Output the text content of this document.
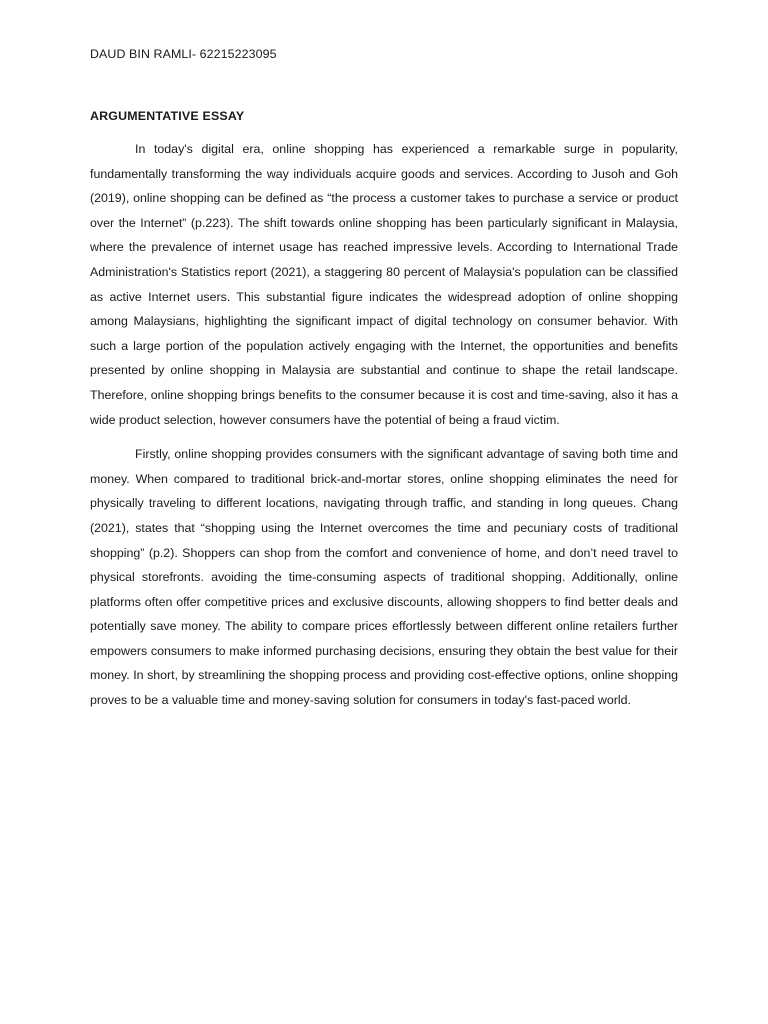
DAUD BIN RAMLI- 62215223095
ARGUMENTATIVE ESSAY

In today's digital era, online shopping has experienced a remarkable surge in popularity, fundamentally transforming the way individuals acquire goods and services. According to Jusoh and Goh (2019), online shopping can be defined as “the process a customer takes to purchase a service or product over the Internet” (p.223). The shift towards online shopping has been particularly significant in Malaysia, where the prevalence of internet usage has reached impressive levels. According to International Trade Administration's Statistics report (2021), a staggering 80 percent of Malaysia's population can be classified as active Internet users. This substantial figure indicates the widespread adoption of online shopping among Malaysians, highlighting the significant impact of digital technology on consumer behavior. With such a large portion of the population actively engaging with the Internet, the opportunities and benefits presented by online shopping in Malaysia are substantial and continue to shape the retail landscape. Therefore, online shopping brings benefits to the consumer because it is cost and time-saving, also it has a wide product selection, however consumers have the potential of being a fraud victim.

Firstly, online shopping provides consumers with the significant advantage of saving both time and money. When compared to traditional brick-and-mortar stores, online shopping eliminates the need for physically traveling to different locations, navigating through traffic, and standing in long queues. Chang (2021), states that “shopping using the Internet overcomes the time and pecuniary costs of traditional shopping” (p.2). Shoppers can shop from the comfort and convenience of home, and don’t need travel to physical storefronts. avoiding the time-consuming aspects of traditional shopping. Additionally, online platforms often offer competitive prices and exclusive discounts, allowing shoppers to find better deals and potentially save money. The ability to compare prices effortlessly between different online retailers further empowers consumers to make informed purchasing decisions, ensuring they obtain the best value for their money. In short, by streamlining the shopping process and providing cost-effective options, online shopping proves to be a valuable time and money-saving solution for consumers in today's fast-paced world.
